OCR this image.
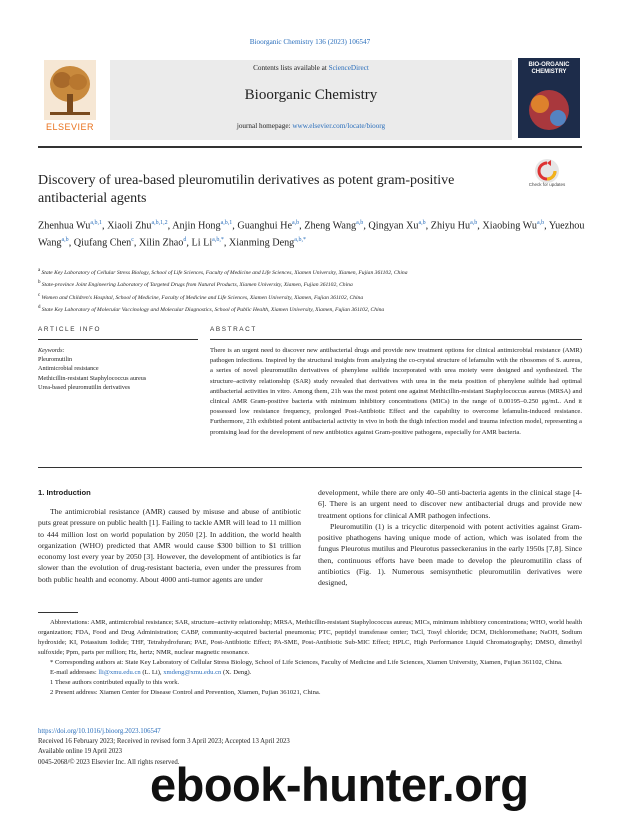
Bioorganic Chemistry 136 (2023) 106547
ELSEVIER
Contents lists available at ScienceDirect
Bioorganic Chemistry
journal homepage: www.elsevier.com/locate/bioorg
BIO-ORGANIC CHEMISTRY
Discovery of urea-based pleuromutilin derivatives as potent gram-positive antibacterial agents
Check for updates
Zhenhua Wu$^{a,b,1}$, Xiaoli Zhu$^{a,b,1,2}$, Anjin Hong$^{a,b,1}$, Guanghui He$^{a,b}$, Zheng Wang$^{a,b}$, Qingyan Xu$^{a,b}$, Zhiyu Hu$^{a,b}$, Xiaobing Wu$^{a,b}$, Yuezhou Wang$^{a,b}$, Qiufang Chen$^c$, Xilin Zhao$^d$, Li $Li^{a,b,*}$, Xianming Deng$^{a,b,*}$
a State Key Laboratory of Cellular Stress Biology, School of Life Sciences, Faculty of Medicine and Life Sciences, Xiamen University, Xiamen, Fujian 361102, China
b State-province Joint Engineering Laboratory of Targeted Drugs from Natural Products, Xiamen University, Xiamen, Fujian 361102, China
c Women and Children's Hospital, School of Medicine, Faculty of Medicine and Life Sciences, Xiamen University, Xiamen, Fujian 361102, China
d State Key Laboratory of Molecular Vaccinology and Molecular Diagnostics, School of Public Health, Xiamen University, Xiamen, Fujian 361102, China
ARTICLE INFO	ABSTRACT
Keywords:
Pleuromutilin
Antimicrobial resistance
Methicillin-resistant Staphylococcus aureus
Urea-based pleuromutilin derivatives
There is an urgent need to discover new antibacterial drugs and provide new treatment options for clinical antimicrobial resistance (AMR) pathogen infections. Inspired by the structural insights from analyzing the co-crystal structure of lefamulin with the ribosomes of S. aureus, a series of novel pleuromutilin derivatives of phenylene sulfide incorporated with urea moiety were designed and synthesized. The structure–activity relationship (SAR) study revealed that derivatives with urea in the meta position of phenylene sulfide had optimal antibacterial activities in vitro. Among them, 21h was the most potent one against Methicillin-resistant Staphylococcus aureus (MRSA) and clinical AMR Gram-positive bacteria with minimum inhibitory concentrations (MICs) in the range of 0.00195–0.250 μg/mL. And it possessed low resistance frequency, prolonged Post-Antibiotic Effect and the capability to overcome lefamulin-induced resistance. Furthermore, 21h exhibited potent antibacterial activity in vivo in both the thigh infection model and trauma infection model, representing a promising lead for the development of new antibiotics against Gram-positive pathogens, especially for AMR bacteria.
1. Introduction
The antimicrobial resistance (AMR) caused by misuse and abuse of antibiotic puts great pressure on public health [1]. Failing to tackle AMR will lead to 11 million to 444 million lost on world population by 2050 [2]. In addition, the world health organization (WHO) predicted that AMR would cause $300 billion to $1 trillion economy lost every year by 2050 [3]. However, the development of antibiotics is far slower than the evolution of drug-resistant bacteria, even under the pressures from both public health and economy. About 4000 anti-tumor agents are under

development, while there are only 40–50 anti-bacteria agents in the clinical stage [4-6]. There is an urgent need to discover new antibacterial drugs and provide new treatment options for clinical AMR pathogen infections.

Pleuromutilin (1) is a tricyclic diterpenoid with potent activities against Gram-positive phathogens having unique mode of action, which was isolated from the fungus Pleurotus mutilus and Pleurotus passeckeranius in the early 1950s [7,8]. Since then, continuous efforts have been made to develop the pleuromutilin class of antibiotics (Fig. 1). Numerous semisynthetic pleuromutilin derivatives were designed,

Abbreviations: AMR, antimicrobial resistance; SAR, structure–activity relationship; MRSA, Methicillin-resistant Staphylococcus aureus; MICs, minimum inhibitory concentrations; WHO, world health organization; FDA, Food and Drug Administration; CABP, community-acquired bacterial pneumonia; PTC, peptidyl transferase center; TsCl, Tosyl chloride; DCM, Dichloromethane; NaOH, Sodium hydroxide; KI, Potassium Iodide; THF, Tetrahydrofuran; PAE, Post-Antibiotic Effect; PA-SME, Post-Antibiotic Sub-MIC Effect; HPLC, High Performance Liquid Chromatography; DMSO, dimethyl sulfoxide; Ppm, parts per million; Hz, hertz; NMR, nuclear magnetic resonance.

* Corresponding authors at: State Key Laboratory of Cellular Stress Biology, School of Life Sciences, Faculty of Medicine and Life Sciences, Xiamen University, Xiamen, Fujian 361102, China.

E-mail addresses: lli@xmu.edu.cn (L. Li), xmdeng@xmu.edu.cn (X. Deng).

1 These authors contributed equally to this work.

2 Present address: Xiamen Center for Disease Control and Prevention, Xiamen, Fujian 361021, China.

https://doi.org/10.1016/j.bioorg.2023.106547
Received 16 February 2023; Received in revised form 3 April 2023; Accepted 13 April 2023
Available online 19 April 2023
0045-2068/© 2023 Elsevier Inc. All rights reserved.
ebook-hunter.org
